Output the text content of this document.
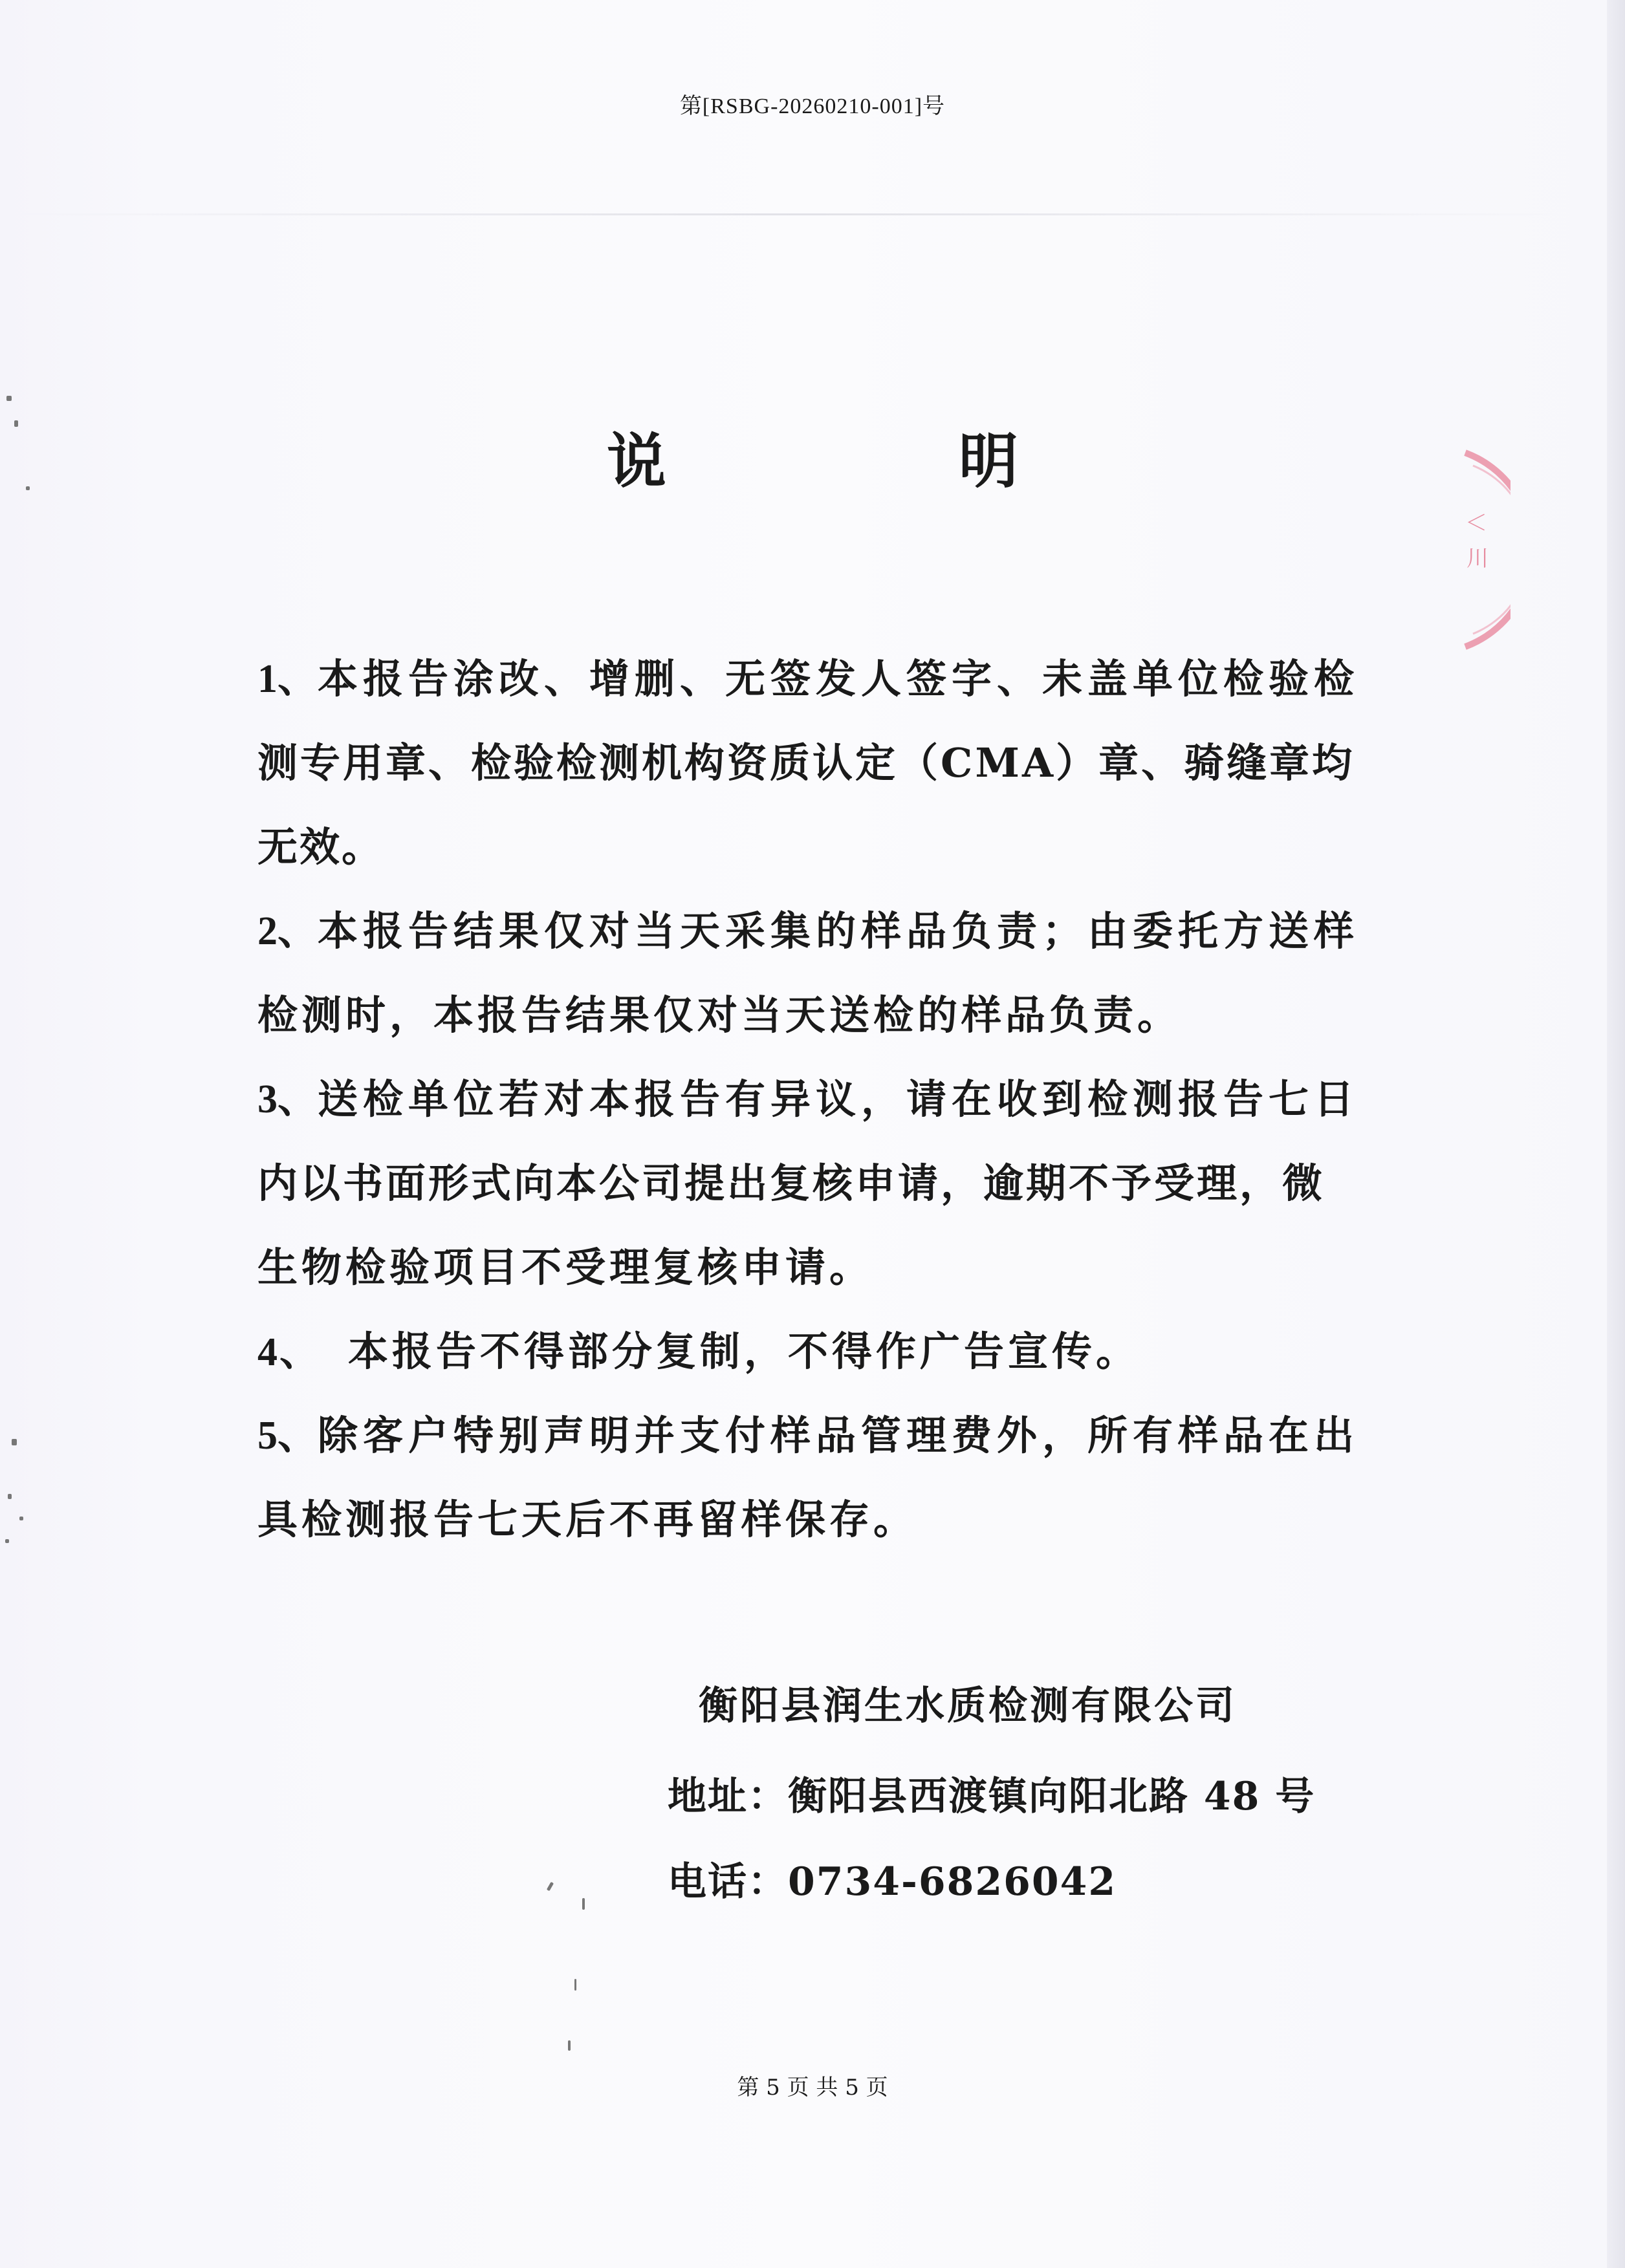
＜
川
第[RSBG-20260210-001]号
说 明
1、 本报告涂改、增删、无签发人签字、未盖单位检验检
测专用章、检验检测机构资质认定（CMA）章、骑缝章均
无效。
2、 本报告结果仅对当天采集的样品负责；由委托方送样
检测时，本报告结果仅对当天送检的样品负责。
3、 送检单位若对本报告有异议，请在收到检测报告七日
内以书面形式向本公司提出复核申请，逾期不予受理，微
生物检验项目不受理复核申请。
4、 本报告不得部分复制，不得作广告宣传。
5、 除客户特别声明并支付样品管理费外，所有样品在出
具检测报告七天后不再留样保存。
衡阳县润生水质检测有限公司
地址：衡阳县西渡镇向阳北路 48 号
电话：0734-6826042
第 5 页 共 5 页
